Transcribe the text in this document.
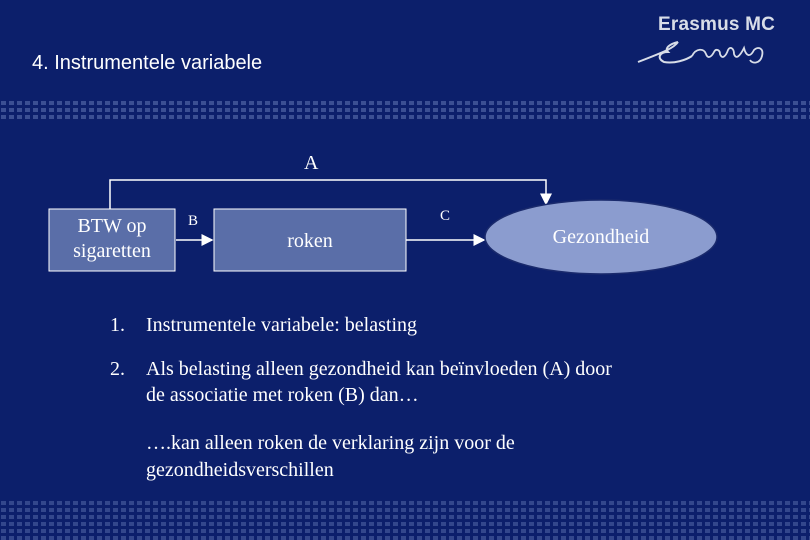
4. Instrumentele variabele
Erasmus MC
BTW op sigaretten	roken	Gezondheid
A
B	C
1. Instrumentele variabele: belasting
2. Als belasting alleen gezondheid kan beïnvloeden (A) door de associatie met roken (B) dan…
….kan alleen roken de verklaring zijn voor de gezondheidsverschillen
